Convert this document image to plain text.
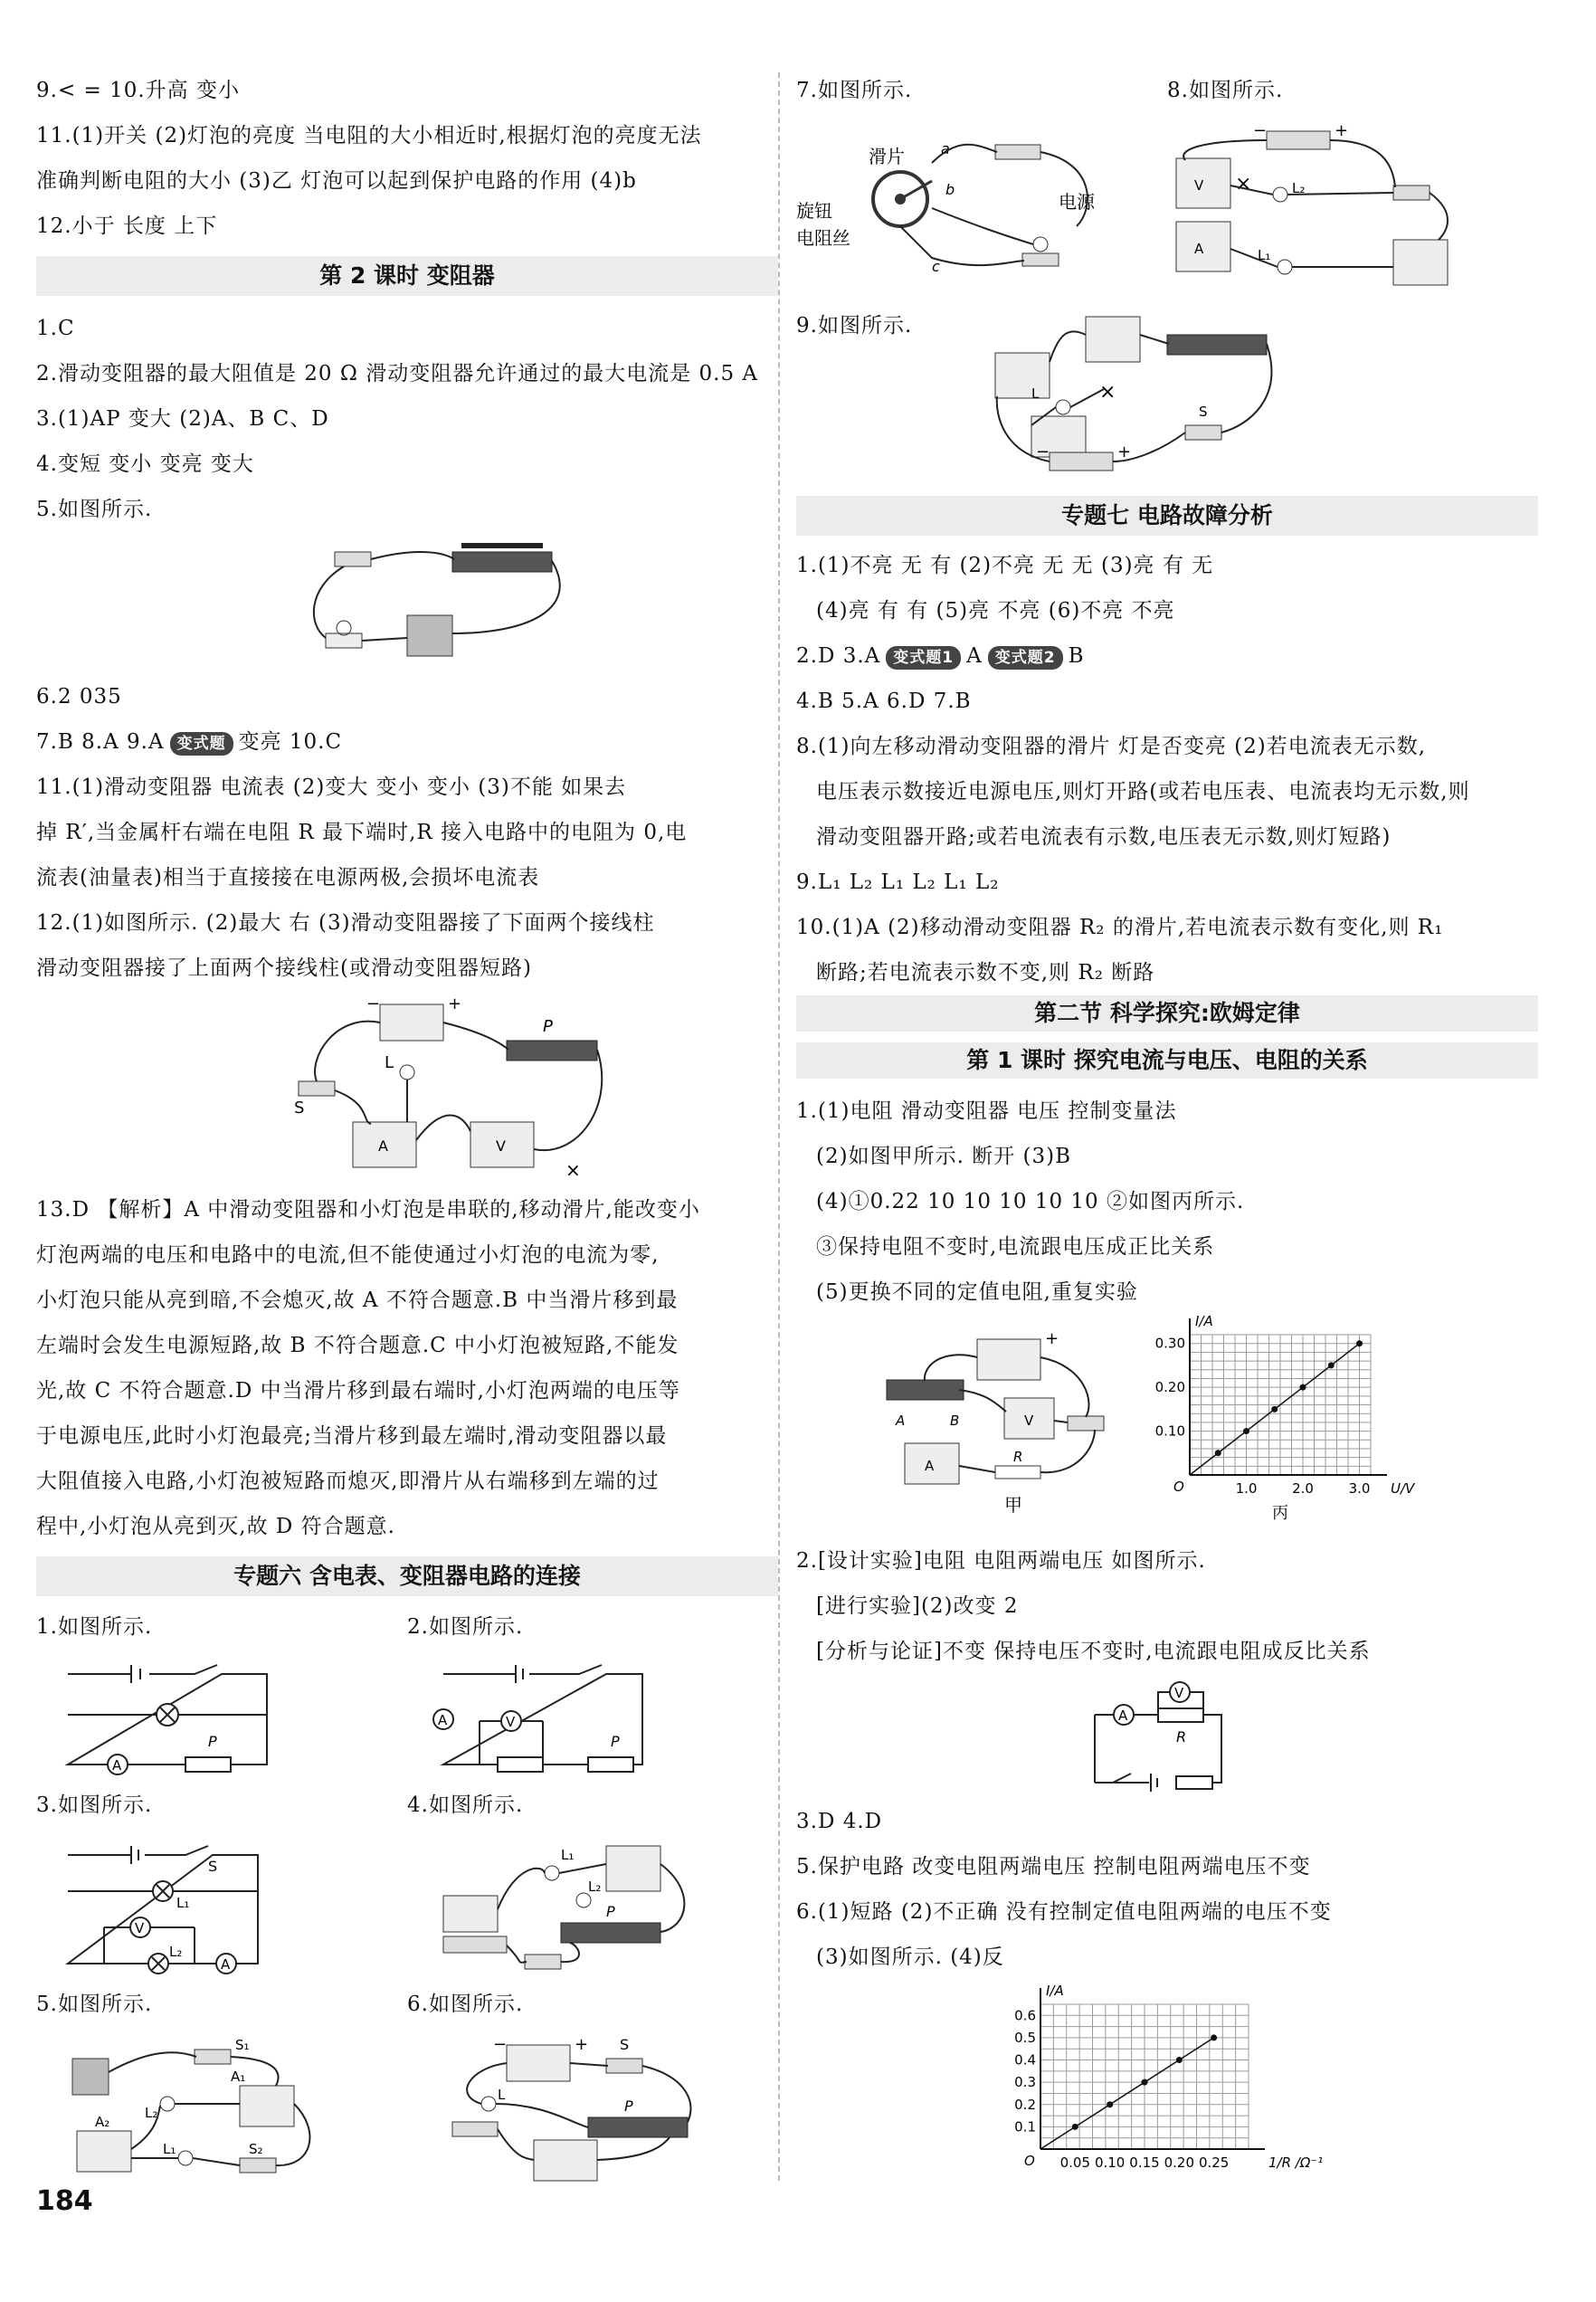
9.< = 10.升高 变小
11.(1)开关 (2)灯泡的亮度 当电阻的大小相近时,根据灯泡的亮度无法
准确判断电阻的大小 (3)乙 灯泡可以起到保护电路的作用 (4)b
12.小于 长度 上下
第 2 课时 变阻器
1.C
2.滑动变阻器的最大阻值是 20 Ω 滑动变阻器允许通过的最大电流是 0.5 A
3.(1)AP 变大 (2)A、B C、D
4.变短 变小 变亮 变大
5.如图所示.
6.2 035
7.B 8.A 9.A 变式题 变亮 10.C
11.(1)滑动变阻器 电流表 (2)变大 变小 变小 (3)不能 如果去
掉 R′,当金属杆右端在电阻 R 最下端时,R 接入电路中的电阻为 0,电
流表(油量表)相当于直接接在电源两极,会损坏电流表
12.(1)如图所示. (2)最大 右 (3)滑动变阻器接了下面两个接线柱
滑动变阻器接了上面两个接线柱(或滑动变阻器短路)
−	+
P
L
S
A	V
×
13.D 【解析】A 中滑动变阻器和小灯泡是串联的,移动滑片,能改变小
灯泡两端的电压和电路中的电流,但不能使通过小灯泡的电流为零,
小灯泡只能从亮到暗,不会熄灭,故 A 不符合题意.B 中当滑片移到最
左端时会发生电源短路,故 B 不符合题意.C 中小灯泡被短路,不能发
光,故 C 不符合题意.D 中当滑片移到最右端时,小灯泡两端的电压等
于电源电压,此时小灯泡最亮;当滑片移到最左端时,滑动变阻器以最
大阻值接入电路,小灯泡被短路而熄灭,即滑片从右端移到左端的过
程中,小灯泡从亮到灭,故 D 符合题意.
专题六 含电表、变阻器电路的连接
1.如图所示.	2.如图所示.
A
P
A	V
P
3.如图所示.	4.如图所示.
S
L₁
V
L₂
A
P
L₁
L₂
5.如图所示.	6.如图所示.
S₁
L₂
A₁
A₂
L₁	S₂
−	+ S
L
P
184
7.如图所示.	8.如图所示.
滑片
旋钮
电阻丝
电源
a
b
c
−	+
V ×	L₂
A	L₁
9.如图所示.
L	×
S
−	+
专题七 电路故障分析
1.(1)不亮 无 有 (2)不亮 无 无 (3)亮 有 无
(4)亮 有 有 (5)亮 不亮 (6)不亮 不亮
2.D 3.A 变式题1 A 变式题2 B
4.B 5.A 6.D 7.B
8.(1)向左移动滑动变阻器的滑片 灯是否变亮 (2)若电流表无示数,
电压表示数接近电源电压,则灯开路(或若电压表、电流表均无示数,则
滑动变阻器开路;或若电流表有示数,电压表无示数,则灯短路)
9.L₁ L₂ L₁ L₂ L₁ L₂
10.(1)A (2)移动滑动变阻器 R₂ 的滑片,若电流表示数有变化,则 R₁
断路;若电流表示数不变,则 R₂ 断路
第二节 科学探究:欧姆定律
第 1 课时 探究电流与电压、电阻的关系
1.(1)电阻 滑动变阻器 电压 控制变量法
(2)如图甲所示. 断开 (3)B
(4)①0.22 10 10 10 10 10 ②如图丙所示.
③保持电阻不变时,电流跟电压成正比关系
(5)更换不同的定值电阻,重复实验
A	B
+
V
A
R
甲
O	1.0	2.0	3.0
0.10
0.20
0.30
I/A
U/V
丙
2.[设计实验]电阻 电阻两端电压 如图所示.
[进行实验](2)改变 2
[分析与论证]不变 保持电压不变时,电流跟电阻成反比关系
A
V
R
3.D 4.D
5.保护电路 改变电阻两端电压 控制电阻两端电压不变
6.(1)短路 (2)不正确 没有控制定值电阻两端的电压不变
(3)如图所示. (4)反
O 0.05 0.10 0.15 0.20 0.25
0.1
0.2
0.3
0.4
0.5
0.6
I/A
1/R /Ω⁻¹
